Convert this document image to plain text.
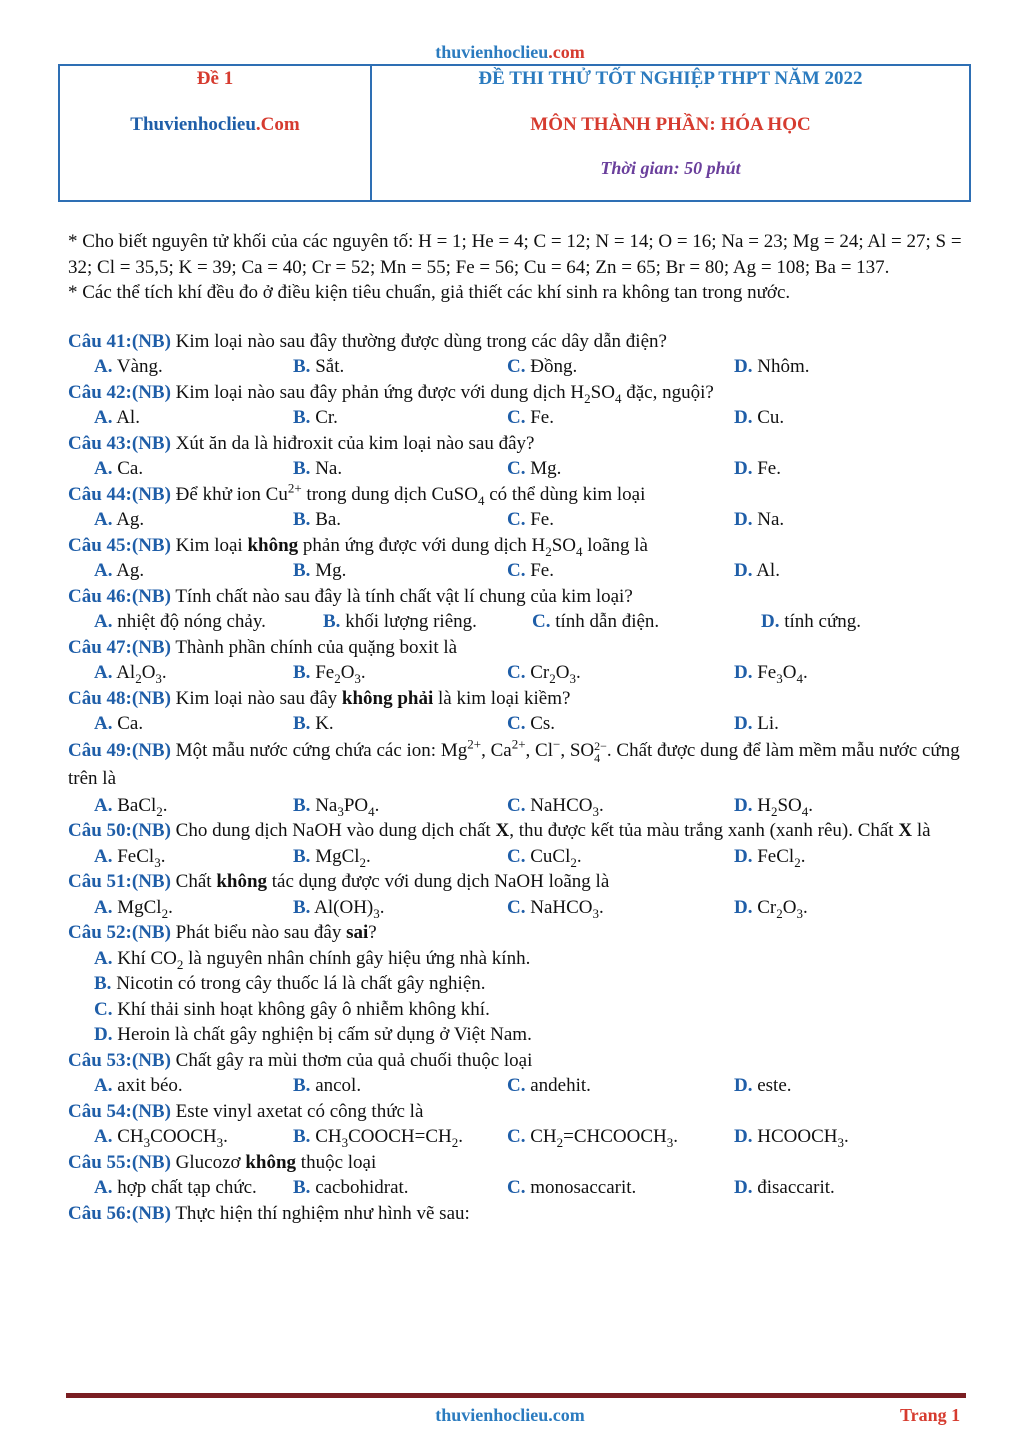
thuvienhoclieu.com
Đề 1
Thuvienhoclieu.Com
ĐỀ THI THỬ TỐT NGHIỆP THPT NĂM 2022
MÔN THÀNH PHẦN: HÓA HỌC
Thời gian: 50 phút

* Cho biết nguyên tử khối của các nguyên tố: H = 1; He = 4; C = 12; N = 14; O = 16; Na = 23; Mg = 24; Al = 27; S = 32; Cl = 35,5; K = 39; Ca = 40; Cr = 52; Mn = 55; Fe = 56; Cu = 64; Zn = 65; Br = 80; Ag = 108; Ba = 137.

* Các thể tích khí đều đo ở điều kiện tiêu chuẩn, giả thiết các khí sinh ra không tan trong nước.

Câu 41:(NB) Kim loại nào sau đây thường được dùng trong các dây dẫn điện?
A. Vàng.	B. Sắt.	C. Đồng.	D. Nhôm.
Câu 42:(NB) Kim loại nào sau đây phản ứng được với dung dịch $H_2SO_4$ đặc, nguội?
A. Al.	B. Cr.	C. Fe.	D. Cu.
Câu 43:(NB) Xút ăn da là hiđroxit của kim loại nào sau đây?
A. Ca.	B. Na.	C. Mg.	D. Fe.
Câu 44:(NB) Để khử ion $Cu^{2+}$ trong dung dịch CuSO$_4$ có thể dùng kim loại
A. Ag.	B. Ba.	C. Fe.	D. Na.
Câu 45:(NB) Kim loại không phản ứng được với dung dịch $H_2SO_4$ loãng là
A. Ag.	B. Mg.	C. Fe.	D. Al.
Câu 46:(NB) Tính chất nào sau đây là tính chất vật lí chung của kim loại?
A. nhiệt độ nóng chảy.	B. khối lượng riêng.	C. tính dẫn điện.	D. tính cứng.
Câu 47:(NB) Thành phần chính của quặng boxit là
A. $Al_2O_3$.	B. $Fe_2O_3$.	C. $Cr_2O_3$.	D. $Fe_3O_4$.
Câu 48:(NB) Kim loại nào sau đây không phải là kim loại kiềm?
A. Ca.	B. K.	C. Cs.	D. Li.
Câu 49:(NB) Một mẫu nước cứng chứa các ion: $Mg^{2+}$, $Ca^{2+}$, Cl−, SO 2−
4 . Chất được dung để làm mềm mẫu nước cứng trên là
A. BaCl$_2$.	B. $Na_3PO_4$.	C. NaHCO$_3$.	D. $H_2SO_4$.
Câu 50:(NB) Cho dung dịch NaOH vào dung dịch chất X, thu được kết tủa màu trắng xanh (xanh rêu). Chất X là
A. FeCl$_3$.	B. MgCl$_2$.	C. CuCl$_2$.	D. FeCl$_2$.
Câu 51:(NB) Chất không tác dụng được với dung dịch NaOH loãng là
A. MgCl$_2$.	B. $Al(OH)_3$.	C. NaHCO$_3$.	D. $Cr_2O_3$.
Câu 52:(NB) Phát biểu nào sau đây sai?
A. Khí $CO_2$ là nguyên nhân chính gây hiệu ứng nhà kính.
B. Nicotin có trong cây thuốc lá là chất gây nghiện.
C. Khí thải sinh hoạt không gây ô nhiễm không khí.
D. Heroin là chất gây nghiện bị cấm sử dụng ở Việt Nam.
Câu 53:(NB) Chất gây ra mùi thơm của quả chuối thuộc loại
A. axit béo.	B. ancol.	C. andehit.	D. este.
Câu 54:(NB) Este vinyl axetat có công thức là
A. $CH_3COOCH_3$.	B. $CH_3COOCH=CH_2$.	C. $CH_2=CHCOOCH_3$.	D. $HCOOCH_3$.
Câu 55:(NB) Glucozơ không thuộc loại
A. hợp chất tạp chức.	B. cacbohidrat.	C. monosaccarit.	D. đisaccarit.
Câu 56:(NB) Thực hiện thí nghiệm như hình vẽ sau:
thuvienhoclieu.com	Trang 1
